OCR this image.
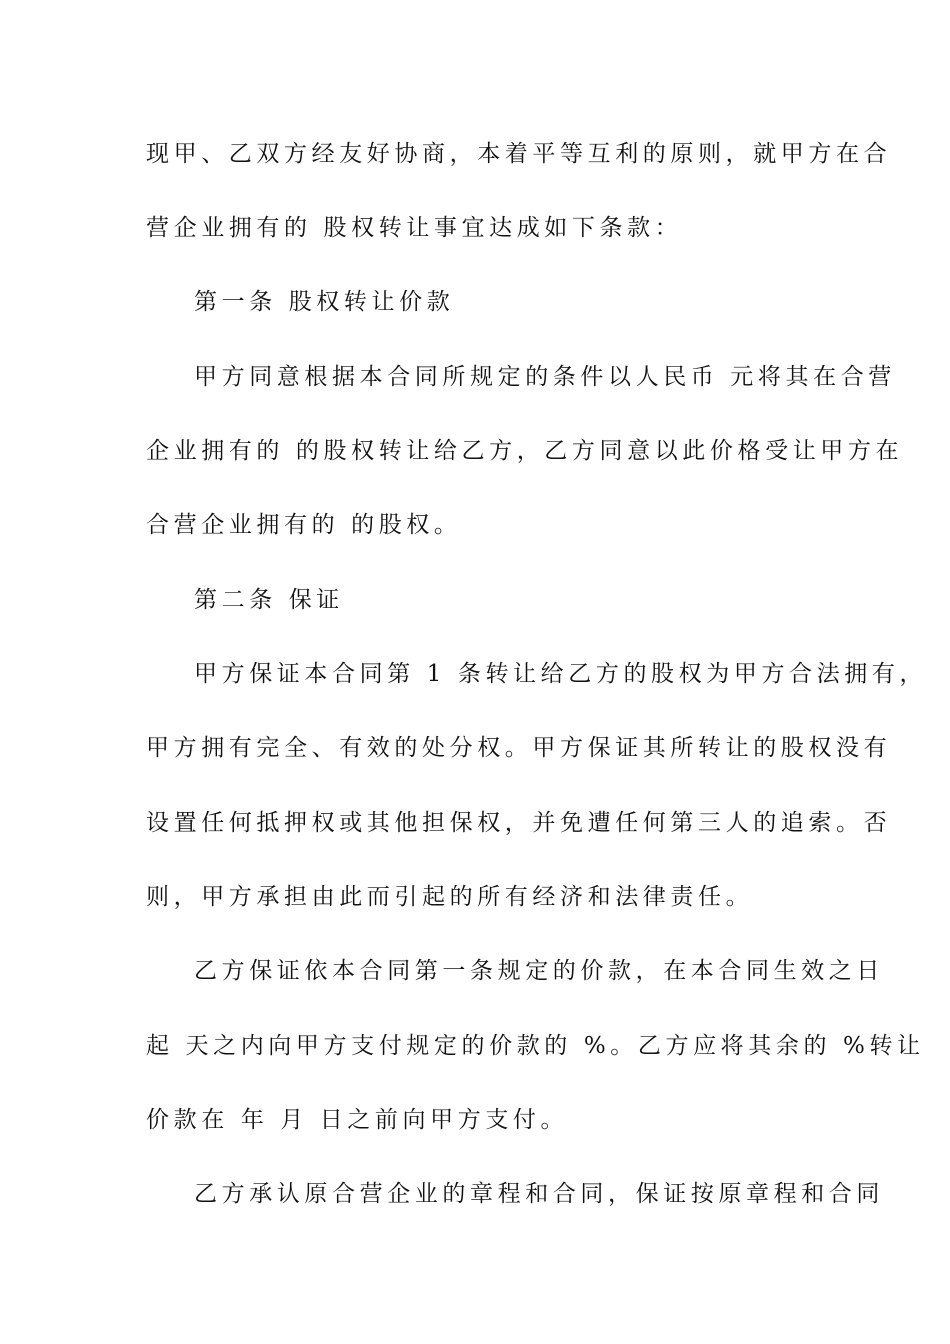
现甲、乙双方经友好协商，本着平等互利的原则，就甲方在合
营企业拥有的 股权转让事宜达成如下条款：
第一条 股权转让价款
甲方同意根据本合同所规定的条件以人民币 元将其在合营
企业拥有的 的股权转让给乙方，乙方同意以此价格受让甲方在
合营企业拥有的 的股权。
第二条 保证
甲方保证本合同第 1 条转让给乙方的股权为甲方合法拥有，
甲方拥有完全、有效的处分权。甲方保证其所转让的股权没有
设置任何抵押权或其他担保权，并免遭任何第三人的追索。否
则，甲方承担由此而引起的所有经济和法律责任。
乙方保证依本合同第一条规定的价款，在本合同生效之日
起 天之内向甲方支付规定的价款的 %。乙方应将其余的 %转让
价款在 年 月 日之前向甲方支付。
乙方承认原合营企业的章程和合同，保证按原章程和合同
